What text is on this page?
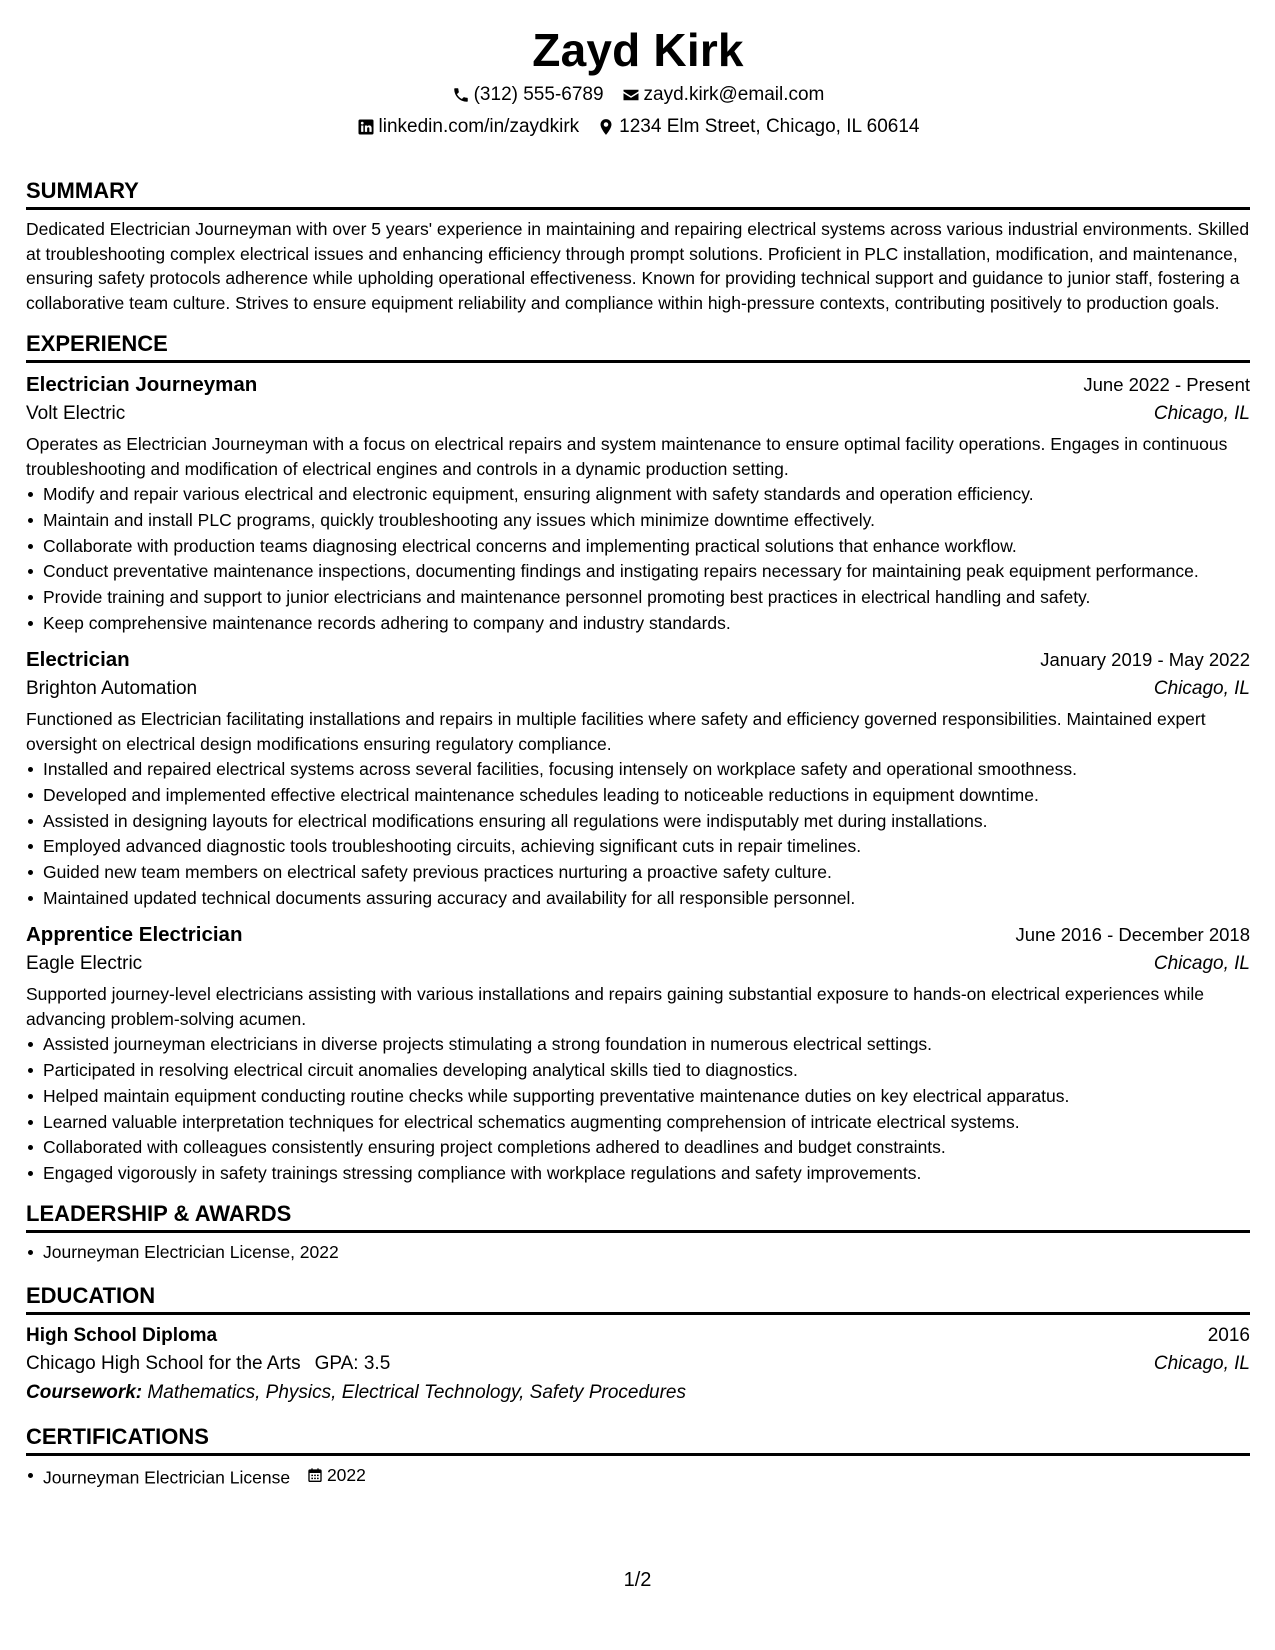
Zayd Kirk
(312) 555-6789 zayd.kirk@email.com
linkedin.com/in/zaydkirk 1234 Elm Street, Chicago, IL 60614
SUMMARY
Dedicated Electrician Journeyman with over 5 years' experience in maintaining and repairing electrical systems across various industrial environments. Skilled at troubleshooting complex electrical issues and enhancing efficiency through prompt solutions. Proficient in PLC installation, modification, and maintenance, ensuring safety protocols adherence while upholding operational effectiveness. Known for providing technical support and guidance to junior staff, fostering a collaborative team culture. Strives to ensure equipment reliability and compliance within high-pressure contexts, contributing positively to production goals.
EXPERIENCE
Electrician Journeyman	June 2022 - Present
Volt Electric	Chicago, IL
Operates as Electrician Journeyman with a focus on electrical repairs and system maintenance to ensure optimal facility operations. Engages in continuous troubleshooting and modification of electrical engines and controls in a dynamic production setting.
Modify and repair various electrical and electronic equipment, ensuring alignment with safety standards and operation efficiency.
Maintain and install PLC programs, quickly troubleshooting any issues which minimize downtime effectively.
Collaborate with production teams diagnosing electrical concerns and implementing practical solutions that enhance workflow.
Conduct preventative maintenance inspections, documenting findings and instigating repairs necessary for maintaining peak equipment performance.
Provide training and support to junior electricians and maintenance personnel promoting best practices in electrical handling and safety.
Keep comprehensive maintenance records adhering to company and industry standards.
Electrician	January 2019 - May 2022
Brighton Automation	Chicago, IL
Functioned as Electrician facilitating installations and repairs in multiple facilities where safety and efficiency governed responsibilities. Maintained expert oversight on electrical design modifications ensuring regulatory compliance.
Installed and repaired electrical systems across several facilities, focusing intensely on workplace safety and operational smoothness.
Developed and implemented effective electrical maintenance schedules leading to noticeable reductions in equipment downtime.
Assisted in designing layouts for electrical modifications ensuring all regulations were indisputably met during installations.
Employed advanced diagnostic tools troubleshooting circuits, achieving significant cuts in repair timelines.
Guided new team members on electrical safety previous practices nurturing a proactive safety culture.
Maintained updated technical documents assuring accuracy and availability for all responsible personnel.
Apprentice Electrician	June 2016 - December 2018
Eagle Electric	Chicago, IL
Supported journey-level electricians assisting with various installations and repairs gaining substantial exposure to hands-on electrical experiences while advancing problem-solving acumen.
Assisted journeyman electricians in diverse projects stimulating a strong foundation in numerous electrical settings.
Participated in resolving electrical circuit anomalies developing analytical skills tied to diagnostics.
Helped maintain equipment conducting routine checks while supporting preventative maintenance duties on key electrical apparatus.
Learned valuable interpretation techniques for electrical schematics augmenting comprehension of intricate electrical systems.
Collaborated with colleagues consistently ensuring project completions adhered to deadlines and budget constraints.
Engaged vigorously in safety trainings stressing compliance with workplace regulations and safety improvements.
LEADERSHIP & AWARDS
Journeyman Electrician License, 2022
EDUCATION
High School Diploma	2016
Chicago High School for the Arts GPA: 3.5	Chicago, IL
Coursework: Mathematics, Physics, Electrical Technology, Safety Procedures
CERTIFICATIONS
Journeyman Electrician License 2022
1/2
